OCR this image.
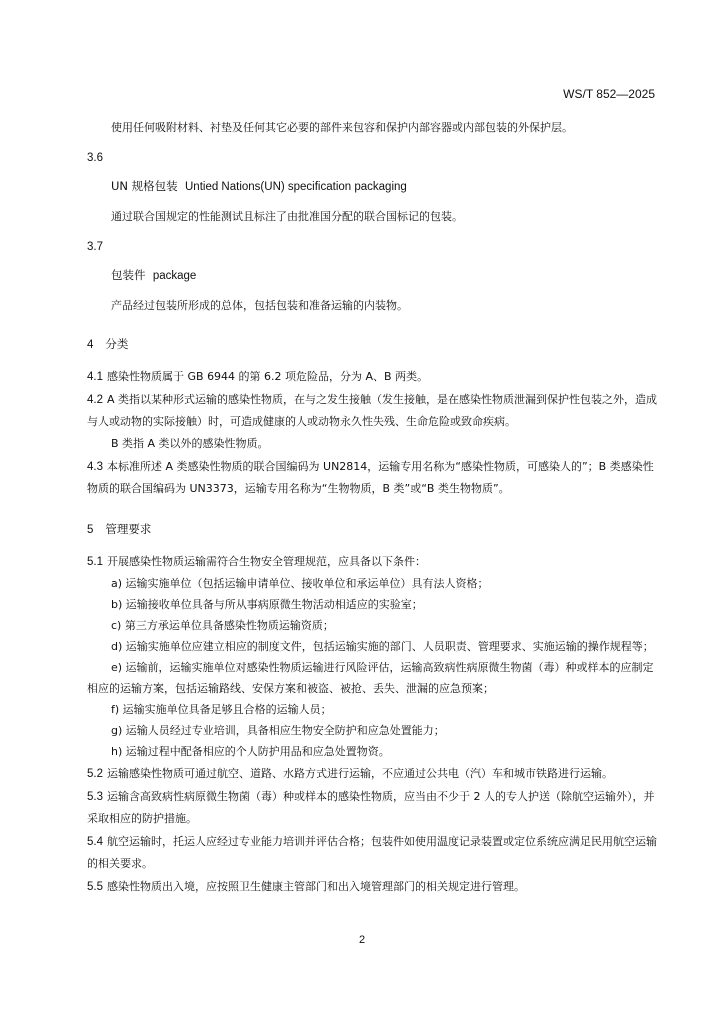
WS/T 852—2025

使用任何吸附材料、衬垫及任何其它必要的部件来包容和保护内部容器或内部包装的外保护层。

3.6

UN 规格包装 Untied Nations(UN) specification packaging

通过联合国规定的性能测试且标注了由批准国分配的联合国标记的包装。

3.7

包装件 package

产品经过包装所形成的总体，包括包装和准备运输的内装物。

4 分类

4.1 感染性物质属于 GB 6944 的第 6.2 项危险品，分为 A、B 两类。

4.2 A 类指以某种形式运输的感染性物质，在与之发生接触（发生接触，是在感染性物质泄漏到保护性包装之外，造成与人或动物的实际接触）时，可造成健康的人或动物永久性失残、生命危险或致命疾病。

B 类指 A 类以外的感染性物质。

4.3 本标准所述 A 类感染性物质的联合国编码为 UN2814，运输专用名称为“感染性物质，可感染人的”；B 类感染性物质的联合国编码为 UN3373，运输专用名称为“生物物质，B 类”或“B 类生物物质”。

5 管理要求

5.1 开展感染性物质运输需符合生物安全管理规范，应具备以下条件：

a) 运输实施单位（包括运输申请单位、接收单位和承运单位）具有法人资格；

b) 运输接收单位具备与所从事病原微生物活动相适应的实验室；

c) 第三方承运单位具备感染性物质运输资质；

d) 运输实施单位应建立相应的制度文件，包括运输实施的部门、人员职责、管理要求、实施运输的操作规程等；

e) 运输前，运输实施单位对感染性物质运输进行风险评估，运输高致病性病原微生物菌（毒）种或样本的应制定相应的运输方案，包括运输路线、安保方案和被盗、被抢、丢失、泄漏的应急预案；

f) 运输实施单位具备足够且合格的运输人员；

g) 运输人员经过专业培训，具备相应生物安全防护和应急处置能力；

h) 运输过程中配备相应的个人防护用品和应急处置物资。

5.2 运输感染性物质可通过航空、道路、水路方式进行运输，不应通过公共电（汽）车和城市铁路进行运输。

5.3 运输含高致病性病原微生物菌（毒）种或样本的感染性物质，应当由不少于 2 人的专人护送（除航空运输外），并采取相应的防护措施。

5.4 航空运输时，托运人应经过专业能力培训并评估合格；包装件如使用温度记录装置或定位系统应满足民用航空运输的相关要求。

5.5 感染性物质出入境，应按照卫生健康主管部门和出入境管理部门的相关规定进行管理。

2
